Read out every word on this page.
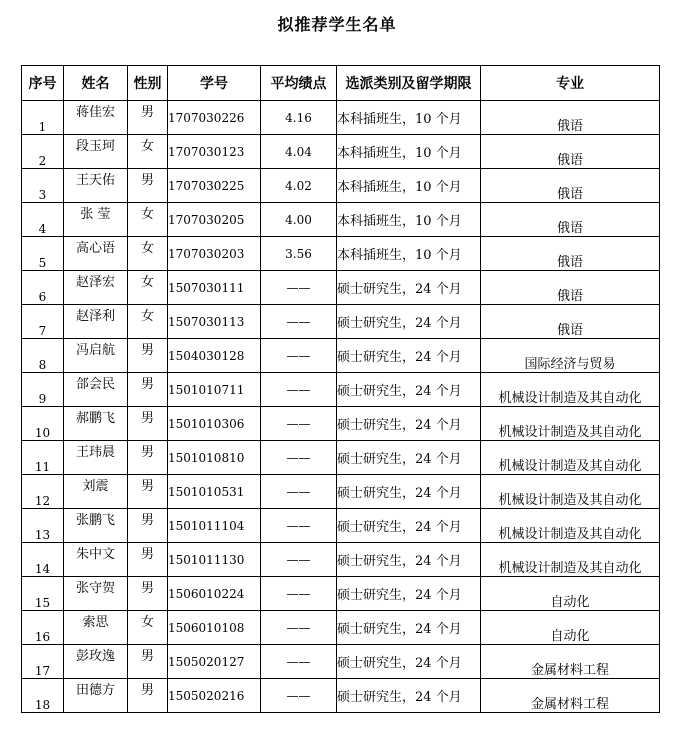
拟推荐学生名单
序号	姓名	性别	学号	平均绩点	选派类别及留学期限	专业
1	蒋佳宏	男	1707030226	4.16	本科插班生，10 个月	俄语
2	段玉珂	女	1707030123	4.04	本科插班生，10 个月	俄语
3	王天佑	男	1707030225	4.02	本科插班生，10 个月	俄语
4	张 莹	女	1707030205	4.00	本科插班生，10 个月	俄语
5	高心语	女	1707030203	3.56	本科插班生，10 个月	俄语
6	赵泽宏	女	1507030111	——	硕士研究生，24 个月	俄语
7	赵泽利	女	1507030113	——	硕士研究生，24 个月	俄语
8	冯启航	男	1504030128	——	硕士研究生，24 个月	国际经济与贸易
9	郃会民	男	1501010711	——	硕士研究生，24 个月	机械设计制造及其自动化
10	郝鹏飞	男	1501010306	——	硕士研究生，24 个月	机械设计制造及其自动化
11	王玮晨	男	1501010810	——	硕士研究生，24 个月	机械设计制造及其自动化
12	刘震	男	1501010531	——	硕士研究生，24 个月	机械设计制造及其自动化
13	张鹏飞	男	1501011104	——	硕士研究生，24 个月	机械设计制造及其自动化
14	朱中文	男	1501011130	——	硕士研究生，24 个月	机械设计制造及其自动化
15	张守贺	男	1506010224	——	硕士研究生，24 个月	自动化
16	索思	女	1506010108	——	硕士研究生，24 个月	自动化
17	彭玫逸	男	1505020127	——	硕士研究生，24 个月	金属材料工程
18	田德方	男	1505020216	——	硕士研究生，24 个月	金属材料工程
